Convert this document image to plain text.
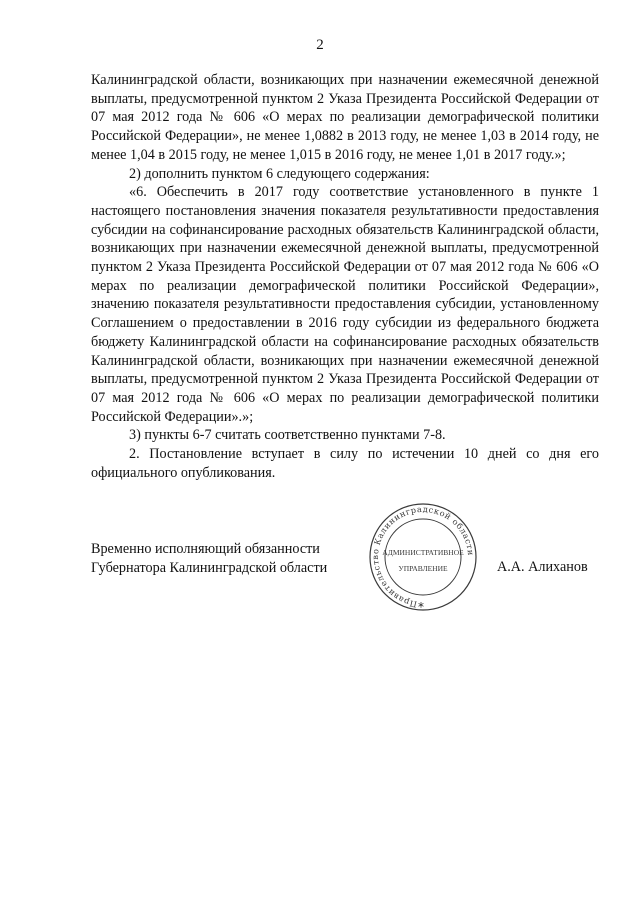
2

Калининградской области, возникающих при назначении ежемесячной денежной выплаты, предусмотренной пунктом 2 Указа Президента Российской Федерации от 07 мая 2012 года № 606 «О мерах по реализации демографической политики Российской Федерации», не менее 1,0882 в 2013 году, не менее 1,03 в 2014 году, не менее 1,04 в 2015 году, не менее 1,015 в 2016 году, не менее 1,01 в 2017 году.»;

2) дополнить пунктом 6 следующего содержания:

«6. Обеспечить в 2017 году соответствие установленного в пункте 1 настоящего постановления значения показателя результативности предоставления субсидии на софинансирование расходных обязательств Калининградской области, возникающих при назначении ежемесячной денежной выплаты, предусмотренной пунктом 2 Указа Президента Российской Федерации от 07 мая 2012 года № 606 «О мерах по реализации демографической политики Российской Федерации», значению показателя результативности предоставления субсидии, установленному Соглашением о предоставлении в 2016 году субсидии из федерального бюджета бюджету Калининградской области на софинансирование расходных обязательств Калининградской области, возникающих при назначении ежемесячной денежной выплаты, предусмотренной пунктом 2 Указа Президента Российской Федерации от 07 мая 2012 года № 606 «О мерах по реализации демографической политики Российской Федерации».»;

3) пункты 6-7 считать соответственно пунктами 7-8.

2. Постановление вступает в силу по истечении 10 дней со дня его официального опубликования.

Временно исполняющий обязанности
Губернатора Калининградской области
Правительство Калининградской области
АДМИНИСТРАТИВНОЕ
УПРАВЛЕНИЕ
*
А.А. Алиханов
